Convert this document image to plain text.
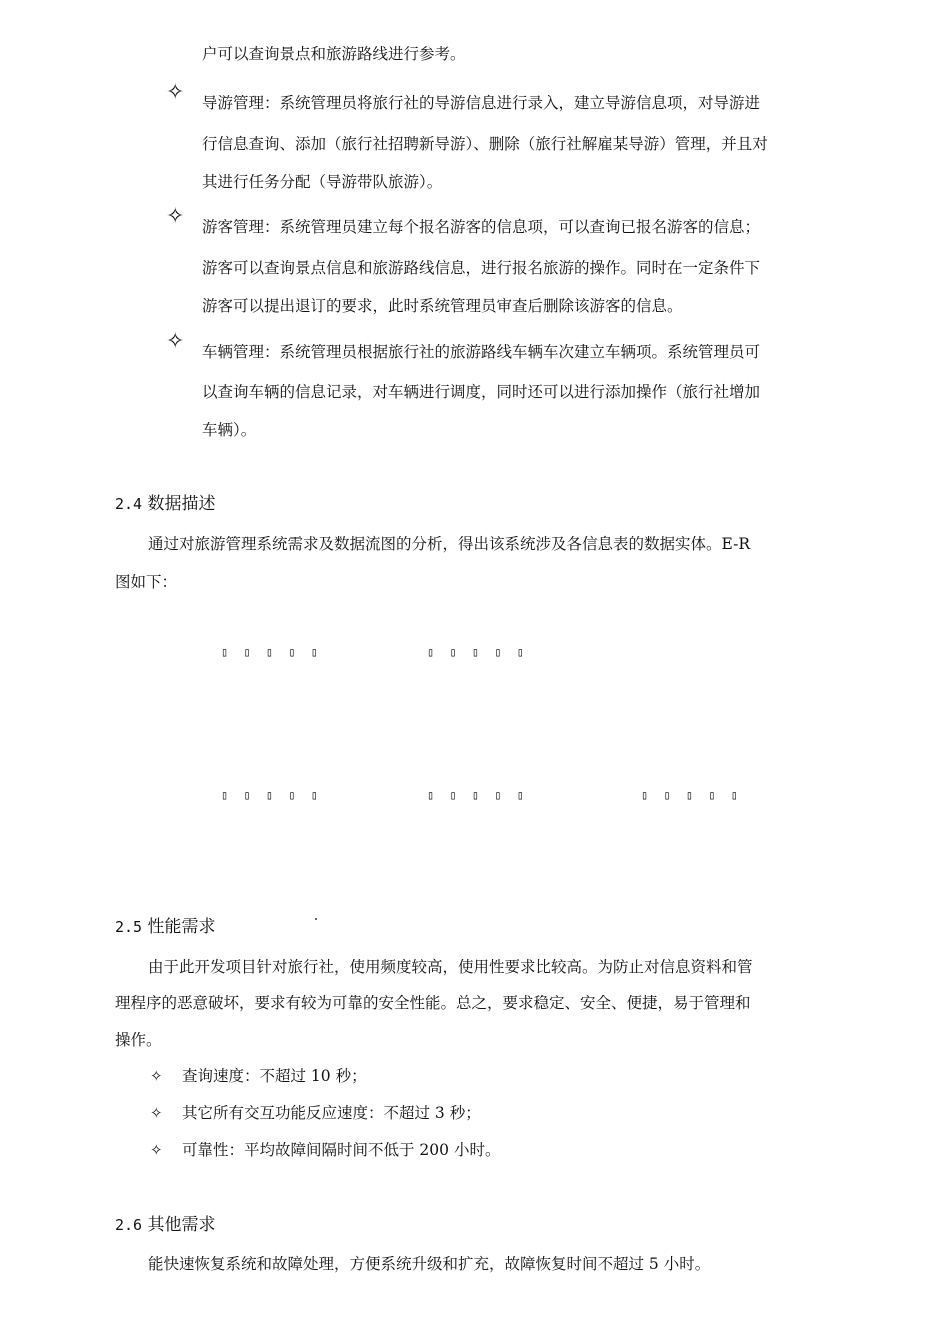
户可以查询景点和旅游路线进行参考。
✧ 导游管理：系统管理员将旅行社的导游信息进行录入，建立导游信息项，对导游进
行信息查询、添加（旅行社招聘新导游）、删除（旅行社解雇某导游）管理，并且对
其进行任务分配（导游带队旅游）。
✧ 游客管理：系统管理员建立每个报名游客的信息项，可以查询已报名游客的信息；
游客可以查询景点信息和旅游路线信息，进行报名旅游的操作。同时在一定条件下
游客可以提出退订的要求，此时系统管理员审查后删除该游客的信息。
✧ 车辆管理：系统管理员根据旅行社的旅游路线车辆车次建立车辆项。系统管理员可
以查询车辆的信息记录，对车辆进行调度，同时还可以进行添加操作（旅行社增加
车辆）。
2.4 数据描述
通过对旅游管理系统需求及数据流图的分析，得出该系统涉及各信息表的数据实体。E-R
图如下：
▯ ▯ ▯ ▯ ▯	▯ ▯ ▯ ▯ ▯
▯ ▯ ▯ ▯ ▯	▯ ▯ ▯ ▯ ▯	▯ ▯ ▯ ▯ ▯
2.5 性能需求
由于此开发项目针对旅行社，使用频度较高，使用性要求比较高。为防止对信息资料和管
理程序的恶意破坏，要求有较为可靠的安全性能。总之，要求稳定、安全、便捷，易于管理和
操作。
✧ 查询速度：不超过 10 秒；
✧ 其它所有交互功能反应速度：不超过 3 秒；
✧ 可靠性：平均故障间隔时间不低于 200 小时。
2.6 其他需求
能快速恢复系统和故障处理，方便系统升级和扩充，故障恢复时间不超过 5 小时。
